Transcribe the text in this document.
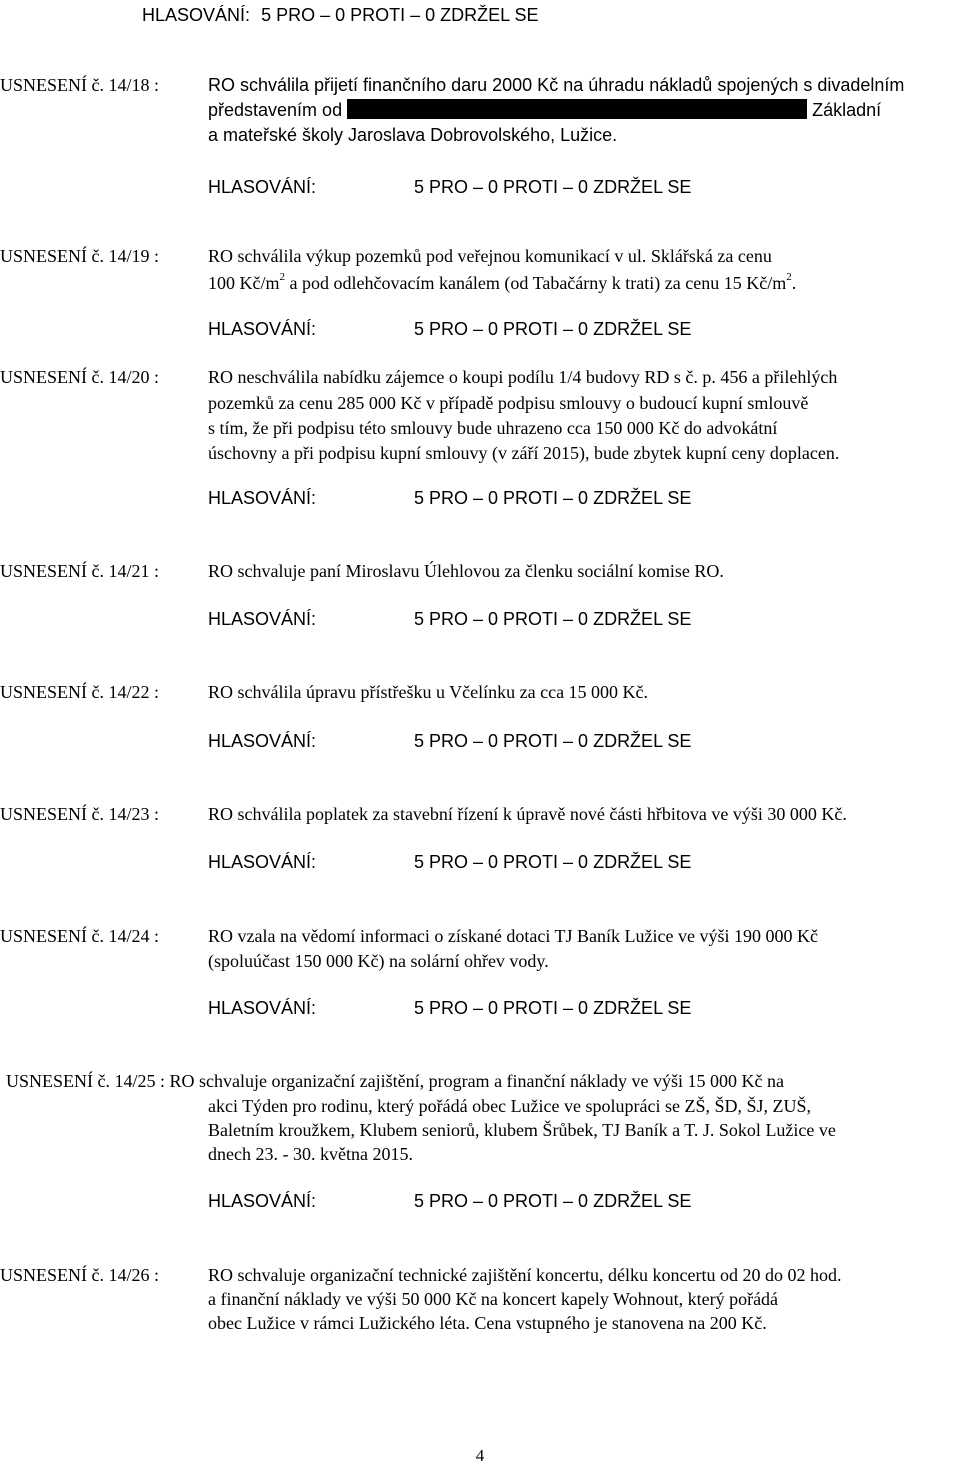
HLASOVÁNÍ: 5 PRO – 0 PROTI – 0 ZDRŽEL SE
USNESENÍ č. 14/18 :	RO schválila přijetí finančního daru 2000 Kč na úhradu nákladů spojených s divadelním
představením od	Základní
a mateřské školy Jaroslava Dobrovolského, Lužice.
HLASOVÁNÍ:	5 PRO – 0 PROTI – 0 ZDRŽEL SE
USNESENÍ č. 14/19 :	RO schválila výkup pozemků pod veřejnou komunikací v ul. Sklářská za cenu
100 $Kč/m^2$ a pod odlehčovacím kanálem (od Tabačárny k trati) za cenu 15 $Kč/m^2$.
HLASOVÁNÍ:	5 PRO – 0 PROTI – 0 ZDRŽEL SE
USNESENÍ č. 14/20 :	RO neschválila nabídku zájemce o koupi podílu 1/4 budovy RD s č. p. 456 a přilehlých
pozemků za cenu 285 000 Kč v případě podpisu smlouvy o budoucí kupní smlouvě
s tím, že při podpisu této smlouvy bude uhrazeno cca 150 000 Kč do advokátní
úschovny a při podpisu kupní smlouvy (v září 2015), bude zbytek kupní ceny doplacen.
HLASOVÁNÍ:	5 PRO – 0 PROTI – 0 ZDRŽEL SE
USNESENÍ č. 14/21 :	RO schvaluje paní Miroslavu Úlehlovou za členku sociální komise RO.
HLASOVÁNÍ:	5 PRO – 0 PROTI – 0 ZDRŽEL SE
USNESENÍ č. 14/22 :	RO schválila úpravu přístřešku u Včelínku za cca 15 000 Kč.
HLASOVÁNÍ:	5 PRO – 0 PROTI – 0 ZDRŽEL SE
USNESENÍ č. 14/23 :	RO schválila poplatek za stavební řízení k úpravě nové části hřbitova ve výši 30 000 Kč.
HLASOVÁNÍ:	5 PRO – 0 PROTI – 0 ZDRŽEL SE
USNESENÍ č. 14/24 :	RO vzala na vědomí informaci o získané dotaci TJ Baník Lužice ve výši 190 000 Kč
(spoluúčast 150 000 Kč) na solární ohřev vody.
HLASOVÁNÍ:	5 PRO – 0 PROTI – 0 ZDRŽEL SE
USNESENÍ č. 14/25 : RO schvaluje organizační zajištění, program a finanční náklady ve výši 15 000 Kč na
akci Týden pro rodinu, který pořádá obec Lužice ve spolupráci se ZŠ, ŠD, ŠJ, ZUŠ,
Baletním kroužkem, Klubem seniorů, klubem Šrůbek, TJ Baník a T. J. Sokol Lužice ve
dnech 23. - 30. května 2015.
HLASOVÁNÍ:	5 PRO – 0 PROTI – 0 ZDRŽEL SE
USNESENÍ č. 14/26 :	RO schvaluje organizační technické zajištění koncertu, délku koncertu od 20 do 02 hod.
a finanční náklady ve výši 50 000 Kč na koncert kapely Wohnout, který pořádá
obec Lužice v rámci Lužického léta. Cena vstupného je stanovena na 200 Kč.
4
